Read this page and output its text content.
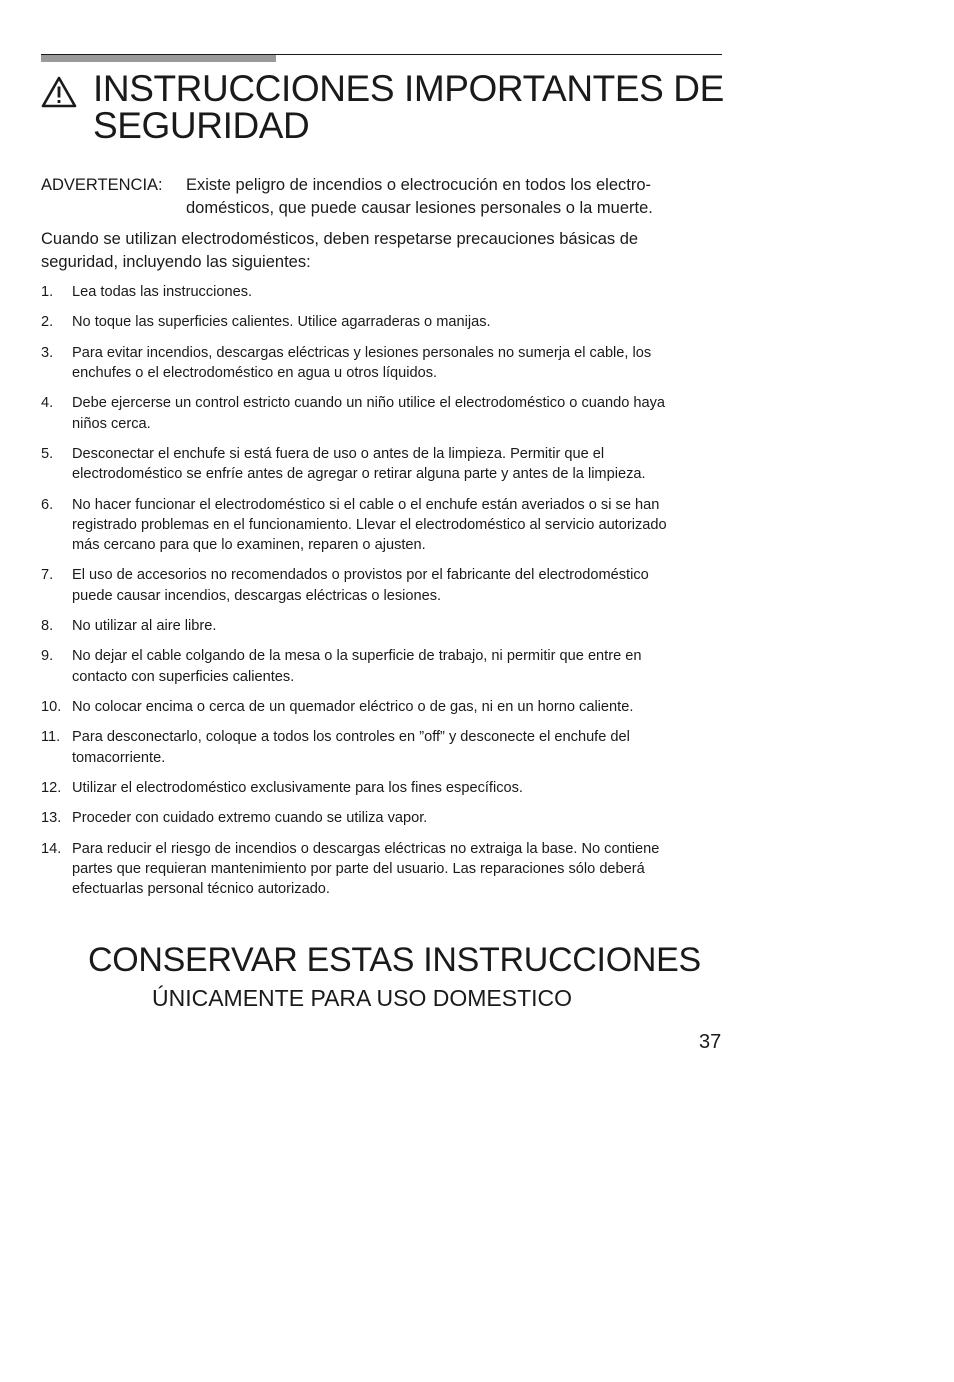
INSTRUCCIONES IMPORTANTES DE
SEGURIDAD
ADVERTENCIA: Existe peligro de incendios o electrocución en todos los electro-
domésticos, que puede causar lesiones personales o la muerte.

Cuando se utilizan electrodomésticos, deben respetarse precauciones básicas de
seguridad, incluyendo las siguientes:

1. Lea todas las instrucciones.
2. No toque las superficies calientes. Utilice agarraderas o manijas.
3. Para evitar incendios, descargas eléctricas y lesiones personales no sumerja el cable, los
enchufes o el electrodoméstico en agua u otros líquidos.
4. Debe ejercerse un control estricto cuando un niño utilice el electrodoméstico o cuando haya
niños cerca.
5. Desconectar el enchufe si está fuera de uso o antes de la limpieza. Permitir que el
electrodoméstico se enfríe antes de agregar o retirar alguna parte y antes de la limpieza.
6. No hacer funcionar el electrodoméstico si el cable o el enchufe están averiados o si se han
registrado problemas en el funcionamiento. Llevar el electrodoméstico al servicio autorizado
más cercano para que lo examinen, reparen o ajusten.
7. El uso de accesorios no recomendados o provistos por el fabricante del electrodoméstico
puede causar incendios, descargas eléctricas o lesiones.
8. No utilizar al aire libre.
9. No dejar el cable colgando de la mesa o la superficie de trabajo, ni permitir que entre en
contacto con superficies calientes.
10. No colocar encima o cerca de un quemador eléctrico o de gas, ni en un horno caliente.
11. Para desconectarlo, coloque a todos los controles en ”off” y desconecte el enchufe del
tomacorriente.
12. Utilizar el electrodoméstico exclusivamente para los fines específicos.
13. Proceder con cuidado extremo cuando se utiliza vapor.
14. Para reducir el riesgo de incendios o descargas eléctricas no extraiga la base. No contiene
partes que requieran mantenimiento por parte del usuario. Las reparaciones sólo deberá
efectuarlas personal técnico autorizado.
CONSERVAR ESTAS INSTRUCCIONES
ÚNICAMENTE PARA USO DOMESTICO
37
